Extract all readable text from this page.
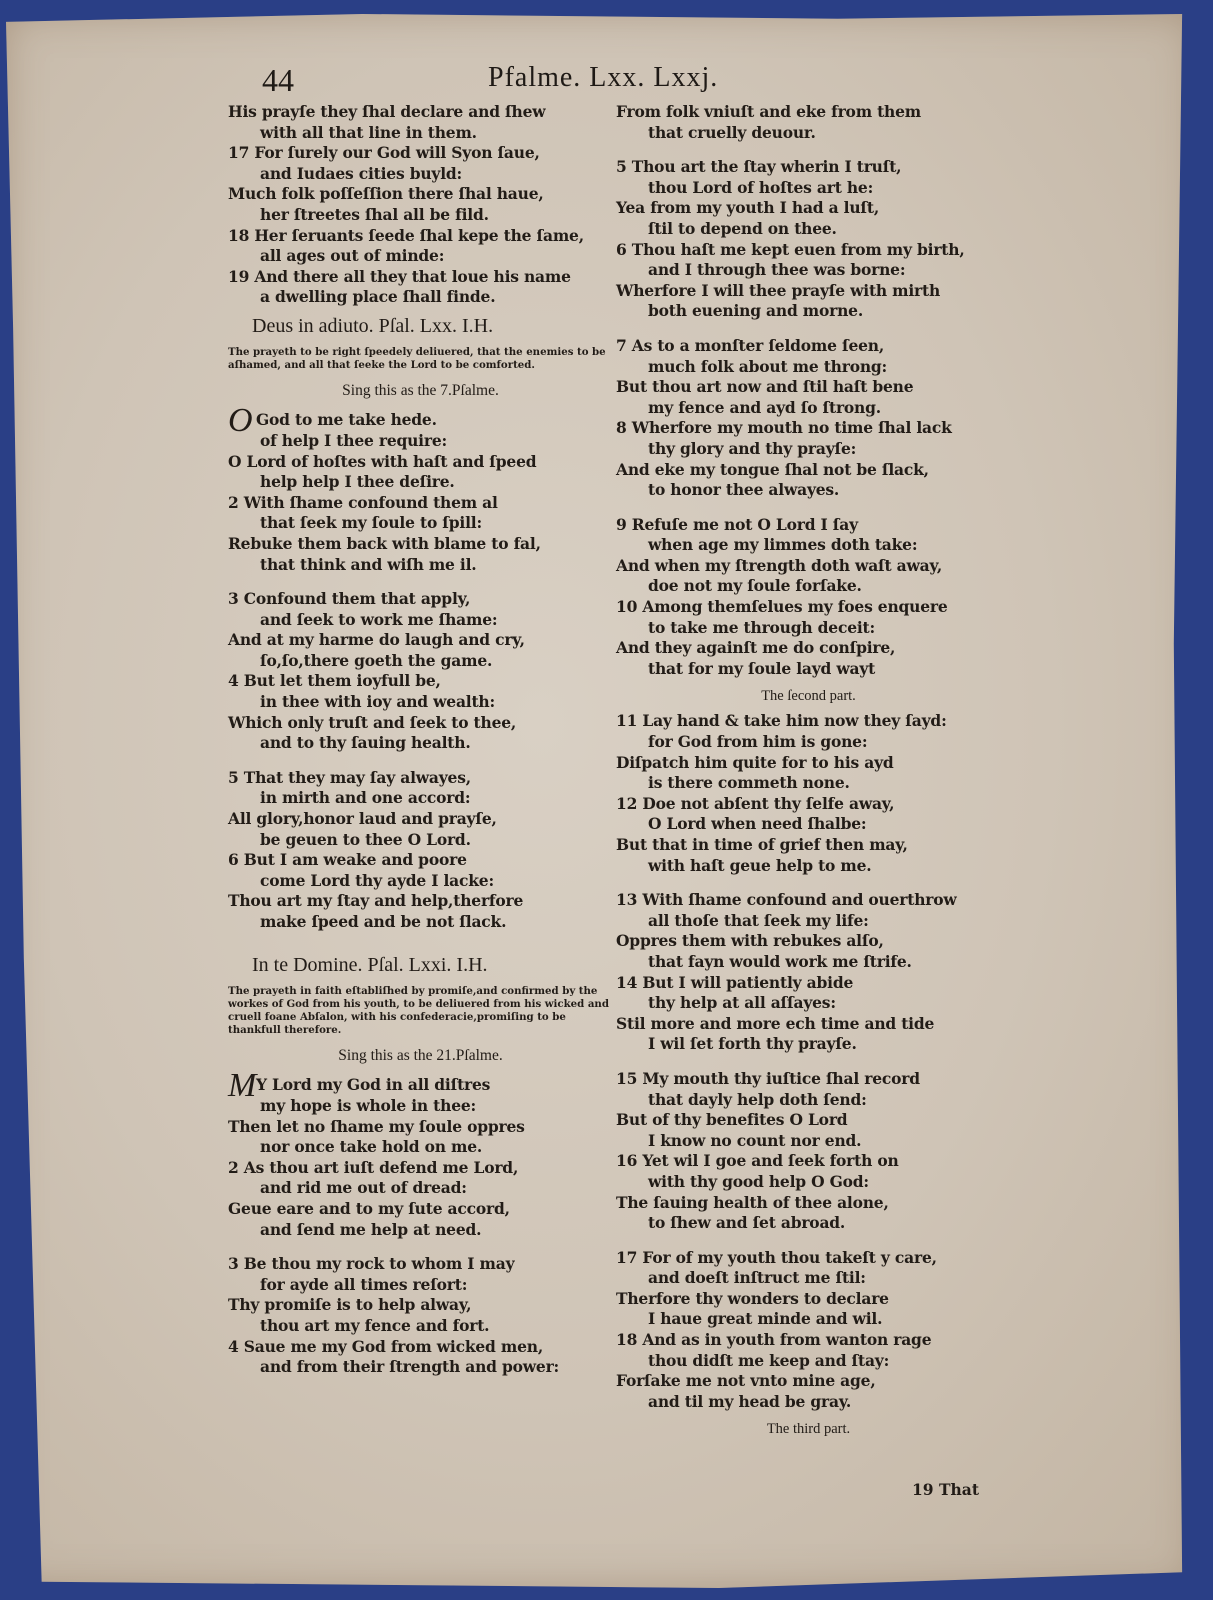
44	Pfalme. Lxx. Lxxj.
His prayſe they ſhal declare and ſhew
with all that line in them.
17 For ſurely our God will Syon ſaue,
and Iudaes cities buyld:
Much folk poſſeſſion there ſhal haue,
her ſtreetes ſhal all be fild.
18 Her ſeruants ſeede ſhal kepe the ſame,
all ages out of minde:
19 And there all they that loue his name
a dwelling place ſhall finde.
Deus in adiuto. Pſal. Lxx. I.H.
The prayeth to be right ſpeedely deliuered, that the enemies to be aſhamed, and all that ſeeke the Lord to be comforted.
Sing this as the 7.Pſalme.
O God to me take hede.
of help I thee require:
O Lord of hoſtes with haſt and ſpeed
help help I thee deſire.
2 With ſhame confound them al
that ſeek my ſoule to ſpill:
Rebuke them back with blame to fal,
that think and wiſh me il.
3 Confound them that apply,
and ſeek to work me ſhame:
And at my harme do laugh and cry,
ſo,ſo,there goeth the game.
4 But let them ioyfull be,
in thee with ioy and wealth:
Which only truſt and ſeek to thee,
and to thy ſauing health.
5 That they may ſay alwayes,
in mirth and one accord:
All glory,honor laud and prayſe,
be geuen to thee O Lord.
6 But I am weake and poore
come Lord thy ayde I lacke:
Thou art my ſtay and help,therfore
make ſpeed and be not ſlack.
In te Domine. Pſal. Lxxi. I.H.
The prayeth in faith eſtabliſhed by promiſe,and confirmed by the workes of God from his youth, to be deliuered from his wicked and cruell foane Abſalon, with his confederacie,promiſing to be thankfull therefore.
Sing this as the 21.Pſalme.
M Y Lord my God in all diſtres
my hope is whole in thee:
Then let no ſhame my ſoule oppres
nor once take hold on me.
2 As thou art iuſt defend me Lord,
and rid me out of dread:
Geue eare and to my ſute accord,
and ſend me help at need.
3 Be thou my rock to whom I may
for ayde all times reſort:
Thy promiſe is to help alway,
thou art my fence and fort.
4 Saue me my God from wicked men,
and from their ſtrength and power:
From folk vniuſt and eke from them
that cruelly deuour.
5 Thou art the ſtay wherin I truſt,
thou Lord of hoſtes art he:
Yea from my youth I had a luſt,
ſtil to depend on thee.
6 Thou haſt me kept euen from my birth,
and I through thee was borne:
Wherfore I will thee prayſe with mirth
both euening and morne.
7 As to a monſter ſeldome ſeen,
much folk about me throng:
But thou art now and ſtil haſt bene
my fence and ayd ſo ſtrong.
8 Wherfore my mouth no time ſhal lack
thy glory and thy prayſe:
And eke my tongue ſhal not be ſlack,
to honor thee alwayes.
9 Refuſe me not O Lord I ſay
when age my limmes doth take:
And when my ſtrength doth waſt away,
doe not my ſoule forſake.
10 Among themſelues my foes enquere
to take me through deceit:
And they againſt me do conſpire,
that for my ſoule layd wayt
The ſecond part.
11 Lay hand & take him now they ſayd:
for God from him is gone:
Diſpatch him quite for to his ayd
is there commeth none.
12 Doe not abſent thy ſelfe away,
O Lord when need ſhalbe:
But that in time of grief then may,
with haſt geue help to me.
13 With ſhame confound and ouerthrow
all thoſe that ſeek my life:
Oppres them with rebukes alſo,
that fayn would work me ſtrife.
14 But I will patiently abide
thy help at all aſſayes:
Stil more and more ech time and tide
I wil ſet forth thy prayſe.
15 My mouth thy iuſtice ſhal record
that dayly help doth ſend:
But of thy benefites O Lord
I know no count nor end.
16 Yet wil I goe and ſeek forth on
with thy good help O God:
The ſauing health of thee alone,
to ſhew and ſet abroad.
17 For of my youth thou takeſt y care,
and doeſt inſtruct me ſtil:
Therfore thy wonders to declare
I haue great minde and wil.
18 And as in youth from wanton rage
thou didſt me keep and ſtay:
Forſake me not vnto mine age,
and til my head be gray.
The third part.
19 That
